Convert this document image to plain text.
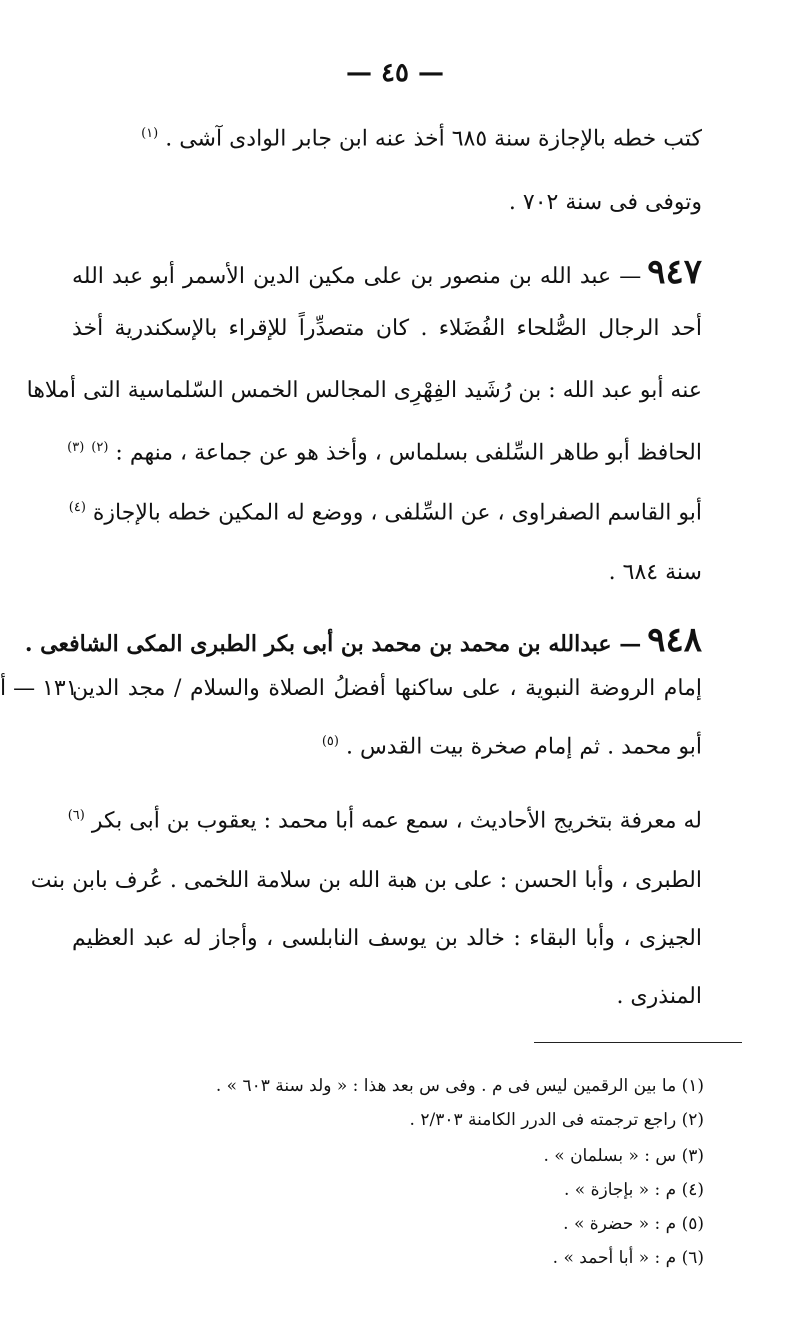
— ٤٥ —
كتب خطه بالإجازة سنة ٦٨٥ أخذ عنه ابن جابر الوادى آشى . $^{(١)}$
وتوفى فى سنة ٧٠٢ .
٩٤٧— عبد الله بن منصور بن على مكين الدين الأسمر أبو عبد الله
أحد الرجال الصُّلحاء الفُضَلاء . كان متصدِّراً للإقراء بالإسكندرية أخذ
عنه أبو عبد الله : بن رُشَيد الفِهْرِى المجالس الخمس السّلماسية التى أملاها
الحافظ أبو طاهر السِّلفى بسلماس ، وأخذ هو عن جماعة ، منهم : $^{(٢)}$ $^{(٣)}$
أبو القاسم الصفراوى ، عن السِّلفى ، ووضع له المكين خطه بالإجازة $^{(٤)}$
سنة ٦٨٤ .
٩٤٨— عبدالله بن محمد بن محمد بن أبى بكر الطبرى المكى الشافعى .
إمام الروضة النبوية ، على ساكنها أفضلُ الصلاة والسلام / مجد الدين
١٣١ — أ
أبو محمد . ثم إمام صخرة بيت القدس . $^{(٥)}$
له معرفة بتخريج الأحاديث ، سمع عمه أبا محمد : يعقوب بن أبى بكر $^{(٦)}$
الطبرى ، وأبا الحسن : على بن هبة الله بن سلامة اللخمى . عُرف بابن بنت
الجيزى ، وأبا البقاء : خالد بن يوسف النابلسى ، وأجاز له عبد العظيم
المنذرى .
(١) ما بين الرقمين ليس فى م . وفى س بعد هذا : « ولد سنة ٦٠٣ » .
(٢) راجع ترجمته فى الدرر الكامنة ٢/٣٠٣ .
(٣) س : « بسلمان » .
(٤) م : « بإجازة » .
(٥) م : « حضرة » .
(٦) م : « أبا أحمد » .
